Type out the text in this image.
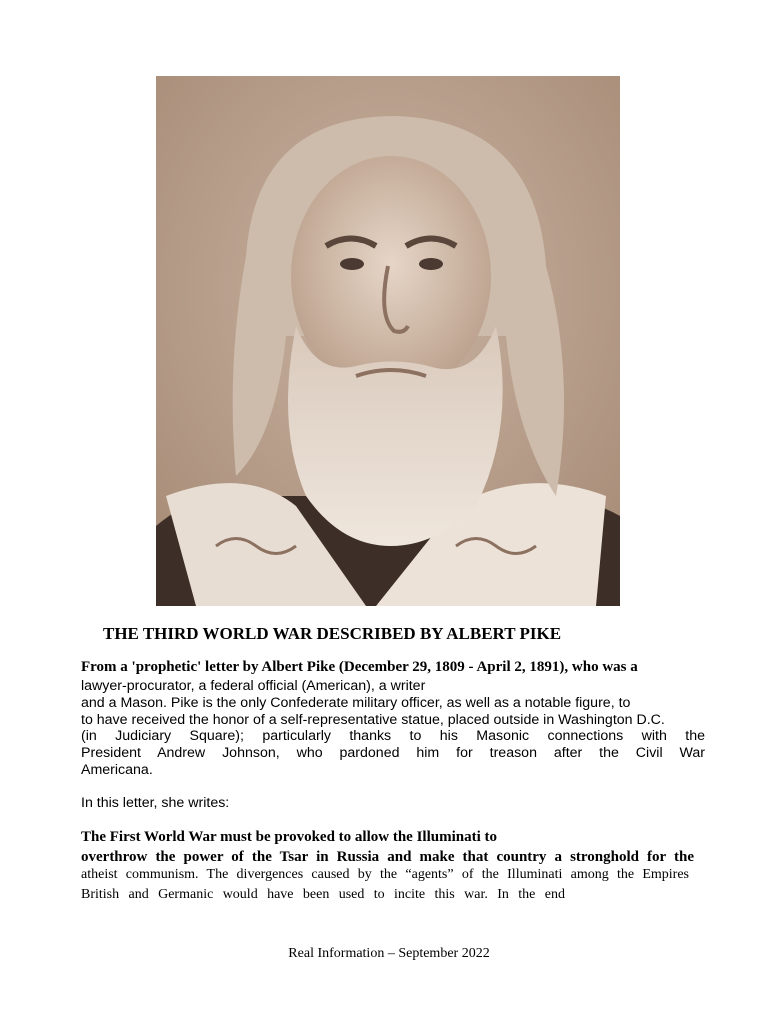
THE THIRD WORLD WAR DESCRIBED BY ALBERT PIKE
From a 'prophetic' letter by Albert Pike (December 29, 1809 - April 2, 1891), who was a
lawyer-procurator, a federal official (American), a writer
and a Mason. Pike is the only Confederate military officer, as well as a notable figure, to
to have received the honor of a self-representative statue, placed outside in Washington D.C.
(in Judiciary Square); particularly thanks to his Masonic connections with the
President Andrew Johnson, who pardoned him for treason after the Civil War
Americana.
In this letter, she writes:
The First World War must be provoked to allow the Illuminati to
overthrow the power of the Tsar in Russia and make that country a stronghold for the
atheist communism. The divergences caused by the “agents” of the Illuminati among the Empires
British and Germanic would have been used to incite this war. In the end
Real Information – September 2022
